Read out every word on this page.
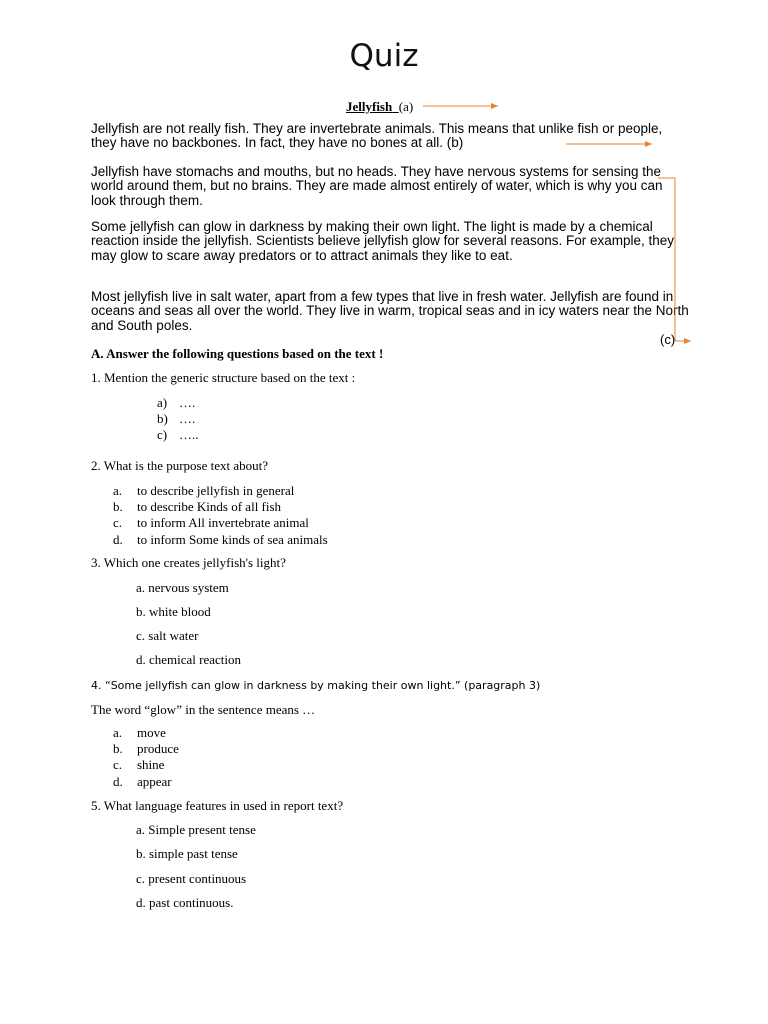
Quiz
Jellyfish (a)

Jellyfish are not really fish. They are invertebrate animals. This means that unlike fish or people, they have no backbones. In fact, they have no bones at all. (b)

Jellyfish have stomachs and mouths, but no heads. They have nervous systems for sensing the world around them, but no brains. They are made almost entirely of water, which is why you can look through them.

Some jellyfish can glow in darkness by making their own light. The light is made by a chemical reaction inside the jellyfish. Scientists believe jellyfish glow for several reasons. For example, they may glow to scare away predators or to attract animals they like to eat.

Most jellyfish live in salt water, apart from a few types that live in fresh water. Jellyfish are found in oceans and seas all over the world. They live in warm, tropical seas and in icy waters near the North and South poles.

(c)
A. Answer the following questions based on the text !
1. Mention the generic structure based on the text :
a) ….
b) ….
c) …..
2. What is the purpose text about?
a. to describe jellyfish in general
b. to describe Kinds of all fish
c. to inform All invertebrate animal
d. to inform Some kinds of sea animals
3. Which one creates jellyfish's light?
a. nervous system
b. white blood
c. salt water
d. chemical reaction
4. “Some jellyfish can glow in darkness by making their own light.” (paragraph 3)
The word “glow” in the sentence means …
a. move
b. produce
c. shine
d. appear
5. What language features in used in report text?
a. Simple present tense
b. simple past tense
c. present continuous
d. past continuous.
